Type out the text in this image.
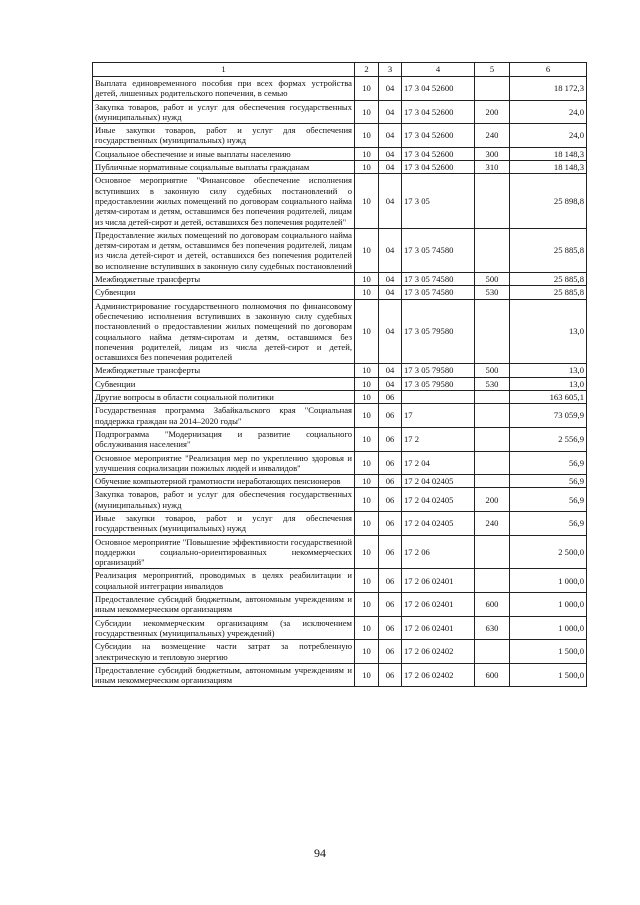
1	2	3	4	5	6
Выплата единовременного пособия при всех формах устройства детей, лишенных родительского попечения, в семью	10	04	17 3 04 52600		18 172,3
Закупка товаров, работ и услуг для обеспечения государственных (муниципальных) нужд	10	04	17 3 04 52600	200	24,0
Иные закупки товаров, работ и услуг для обеспечения государственных (муниципальных) нужд	10	04	17 3 04 52600	240	24,0
Социальное обеспечение и иные выплаты населению	10	04	17 3 04 52600	300	18 148,3
Публичные нормативные социальные выплаты гражданам	10	04	17 3 04 52600	310	18 148,3
Основное мероприятие "Финансовое обеспечение исполнения вступивших в законную силу судебных постановлений о предоставлении жилых помещений по договорам социального найма детям-сиротам и детям, оставшимся без попечения родителей, лицам из числа детей-сирот и детей, оставшихся без попечения родителей"	10	04	17 3 05		25 898,8
Предоставление жилых помещений по договорам социального найма детям-сиротам и детям, оставшимся без попечения родителей, лицам из числа детей-сирот и детей, оставшихся без попечения родителей во исполнение вступивших в законную силу судебных постановлений	10	04	17 3 05 74580		25 885,8
Межбюджетные трансферты	10	04	17 3 05 74580	500	25 885,8
Субвенции	10	04	17 3 05 74580	530	25 885,8
Администрирование государственного полномочия по финансовому обеспечению исполнения вступивших в законную силу судебных постановлений о предоставлении жилых помещений по договорам социального найма детям-сиротам и детям, оставшимся без попечения родителей, лицам из числа детей-сирот и детей, оставшихся без попечения родителей	10	04	17 3 05 79580		13,0
Межбюджетные трансферты	10	04	17 3 05 79580	500	13,0
Субвенции	10	04	17 3 05 79580	530	13,0
Другие вопросы в области социальной политики	10	06			163 605,1
Государственная программа Забайкальского края "Социальная поддержка граждан на 2014–2020 годы"	10	06	17		73 059,9
Подпрограмма "Модернизация и развитие социального обслуживания населения"	10	06	17 2		2 556,9
Основное мероприятие "Реализация мер по укреплению здоровья и улучшения социализации пожилых людей и инвалидов"	10	06	17 2 04		56,9
Обучение компьютерной грамотности неработающих пенсионеров	10	06	17 2 04 02405		56,9
Закупка товаров, работ и услуг для обеспечения государственных (муниципальных) нужд	10	06	17 2 04 02405	200	56,9
Иные закупки товаров, работ и услуг для обеспечения государственных (муниципальных) нужд	10	06	17 2 04 02405	240	56,9
Основное мероприятие "Повышение эффективности государственной поддержки социально-ориентированных некоммерческих организаций"	10	06	17 2 06		2 500,0
Реализация мероприятий, проводимых в целях реабилитации и социальной интеграции инвалидов	10	06	17 2 06 02401		1 000,0
Предоставление субсидий бюджетным, автономным учреждениям и иным некоммерческим организациям	10	06	17 2 06 02401	600	1 000,0
Субсидии некоммерческим организациям (за исключением государственных (муниципальных) учреждений)	10	06	17 2 06 02401	630	1 000,0
Субсидии на возмещение части затрат за потребленную электрическую и тепловую энергию	10	06	17 2 06 02402		1 500,0
Предоставление субсидий бюджетным, автономным учреждениям и иным некоммерческим организациям	10	06	17 2 06 02402	600	1 500,0
94
